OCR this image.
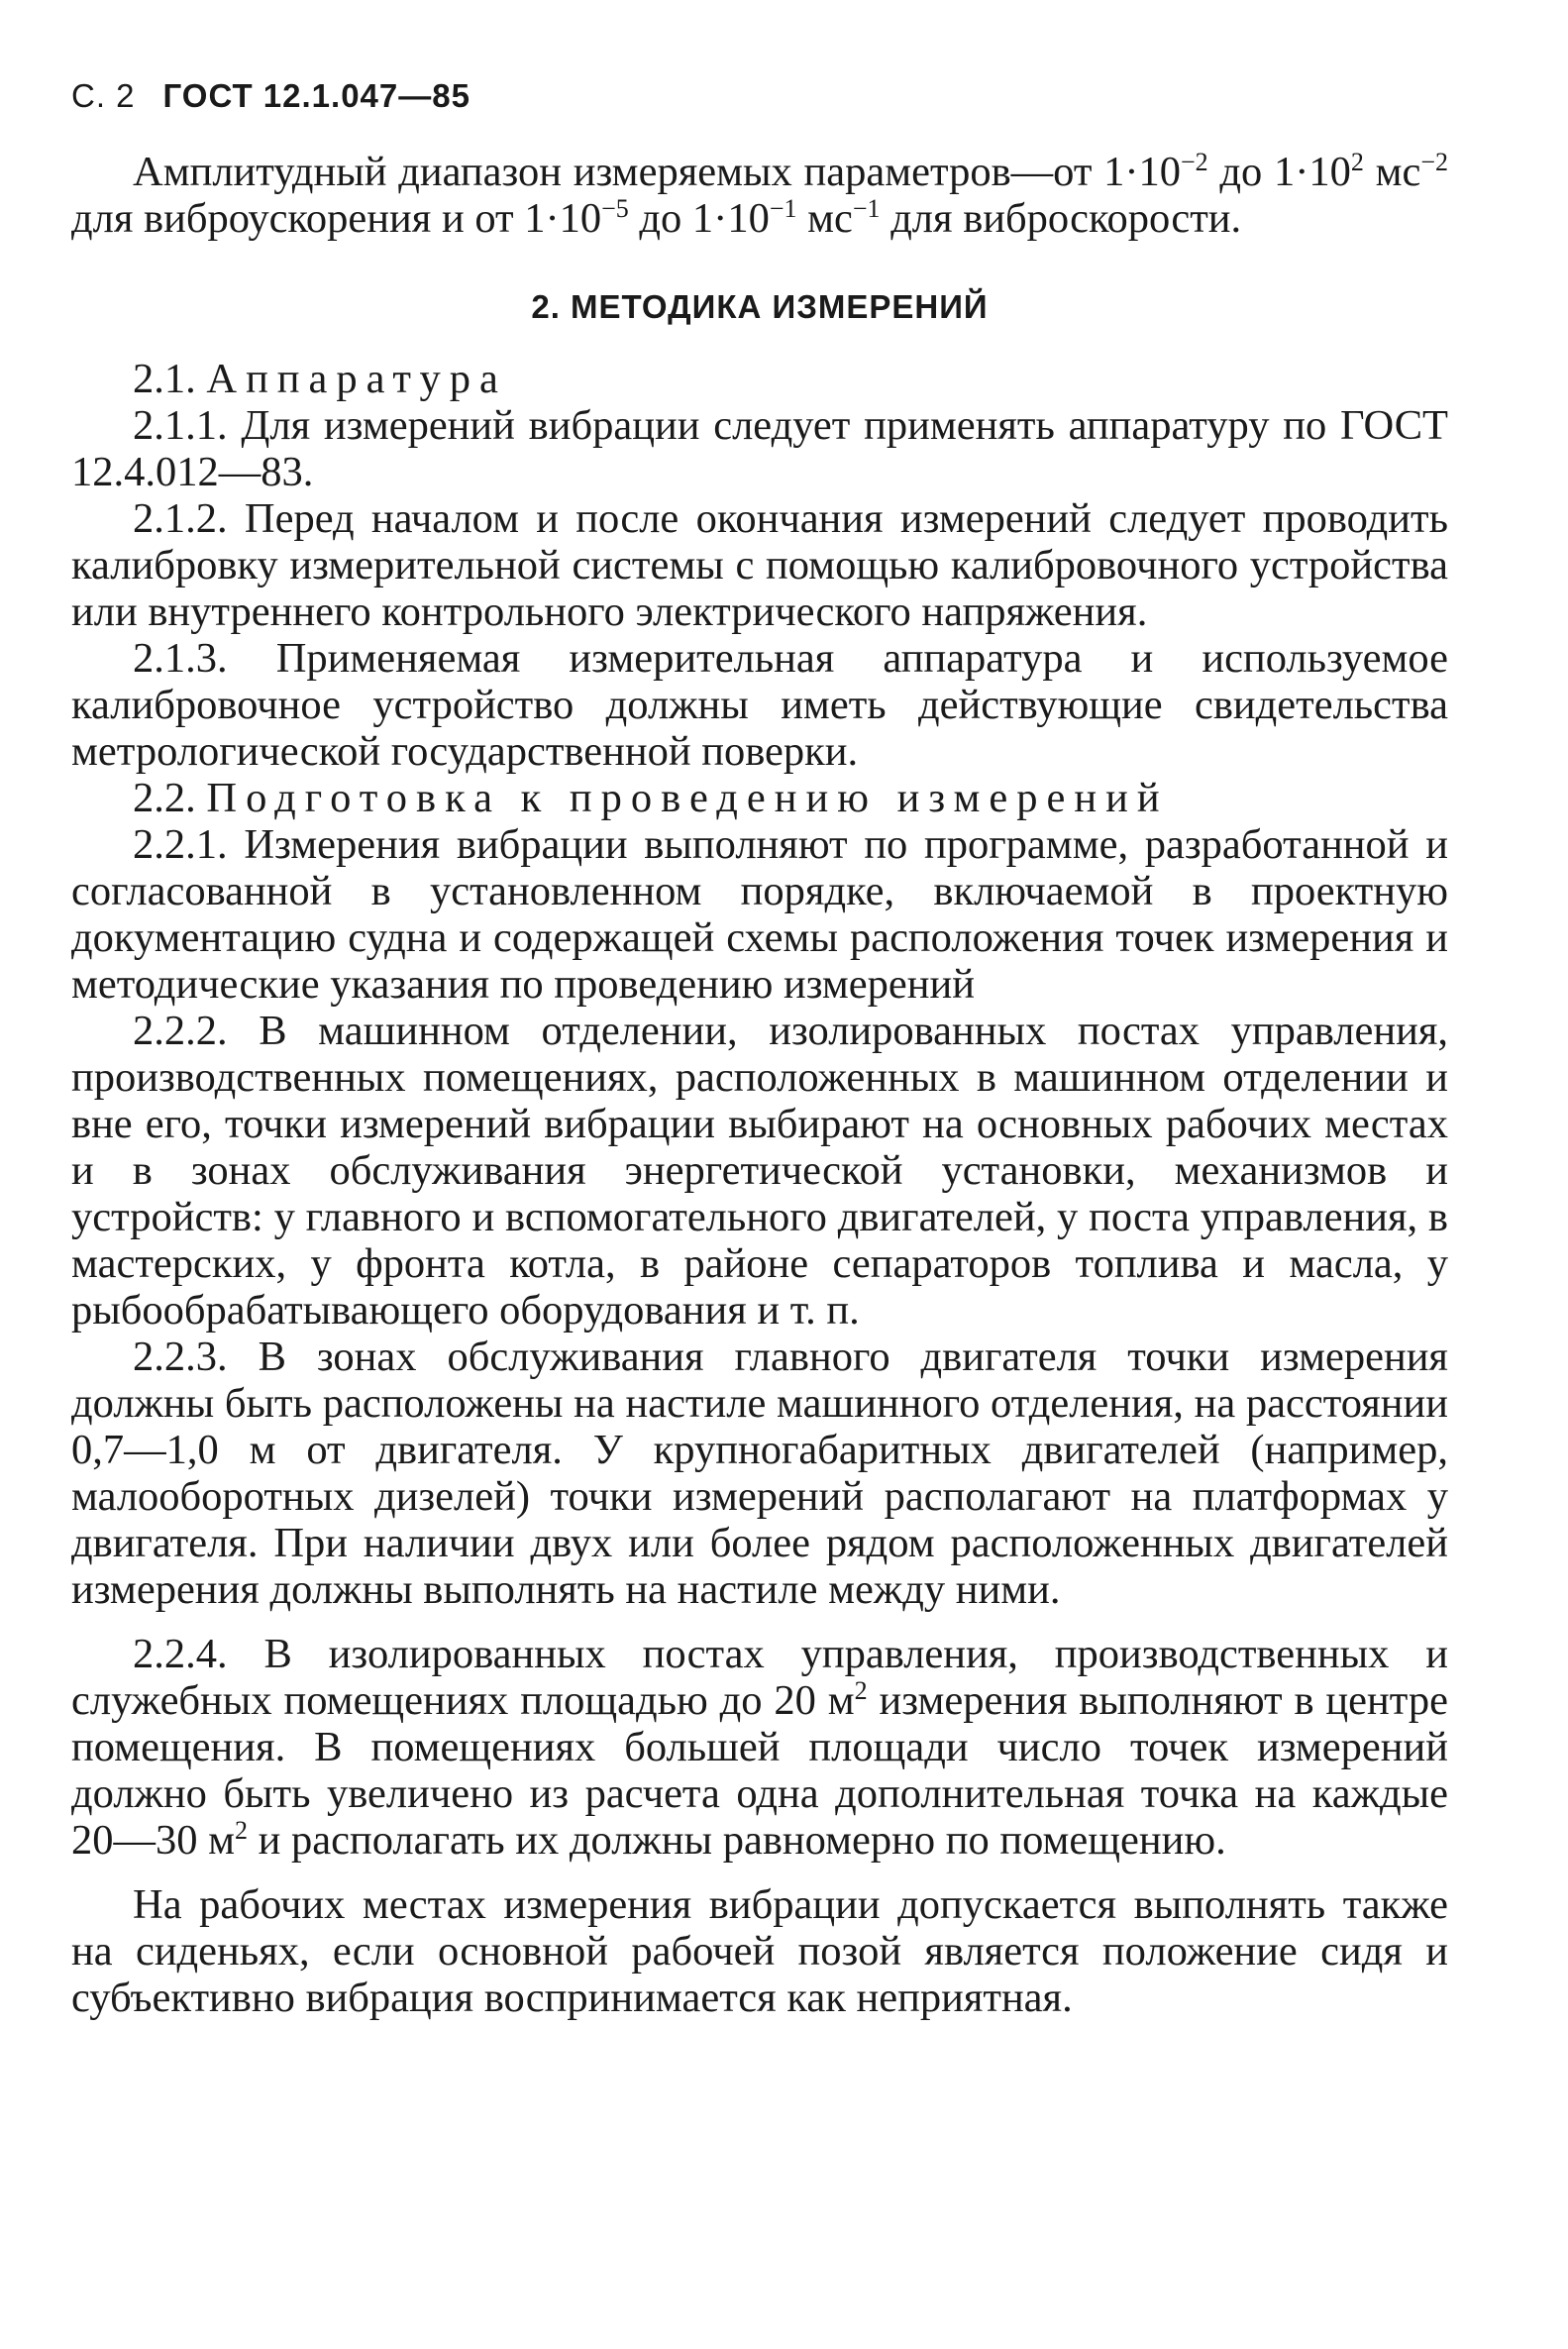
С. 2 ГОСТ 12.1.047—85

Амплитудный диапазон измеряемых параметров—от $1\cdot 10^{-2}$ до $1\cdot 10^2$ $мс^{-2}$ для виброускорения и от $1\cdot 10^{-5}$ до $1\cdot 10^{-1}$ $мс^{-1}$ для виброскорости.

2. МЕТОДИКА ИЗМЕРЕНИЙ

2.1. Аппаратура

2.1.1. Для измерений вибрации следует применять аппаратуру по ГОСТ 12.4.012—83.

2.1.2. Перед началом и после окончания измерений следует проводить калибровку измерительной системы с помощью калибровочного устройства или внутреннего контрольного электрического напряжения.

2.1.3. Применяемая измерительная аппаратура и используемое калибровочное устройство должны иметь действующие свидетельства метрологической государственной поверки.

2.2. Подготовка к проведению измерений

2.2.1. Измерения вибрации выполняют по программе, разработанной и согласованной в установленном порядке, включаемой в проектную документацию судна и содержащей схемы расположения точек измерения и методические указания по проведению измерений

2.2.2. В машинном отделении, изолированных постах управления, производственных помещениях, расположенных в машинном отделении и вне его, точки измерений вибрации выбирают на основных рабочих местах и в зонах обслуживания энергетической установки, механизмов и устройств: у главного и вспомогательного двигателей, у поста управления, в мастерских, у фронта котла, в районе сепараторов топлива и масла, у рыбообрабатывающего оборудования и т. п.

2.2.3. В зонах обслуживания главного двигателя точки измерения должны быть расположены на настиле машинного отделения, на расстоянии 0,7—1,0 м от двигателя. У крупногабаритных двигателей (например, малооборотных дизелей) точки измерений располагают на платформах у двигателя. При наличии двух или более рядом расположенных двигателей измерения должны выполнять на настиле между ними.

2.2.4. В изолированных постах управления, производственных и служебных помещениях площадью до 20 $м^2$ измерения выполняют в центре помещения. В помещениях большей площади число точек измерений должно быть увеличено из расчета одна дополнительная точка на каждые 20—30 $м^2$ и располагать их должны равномерно по помещению.

На рабочих местах измерения вибрации допускается выполнять также на сиденьях, если основной рабочей позой является положение сидя и субъективно вибрация воспринимается как неприятная.
